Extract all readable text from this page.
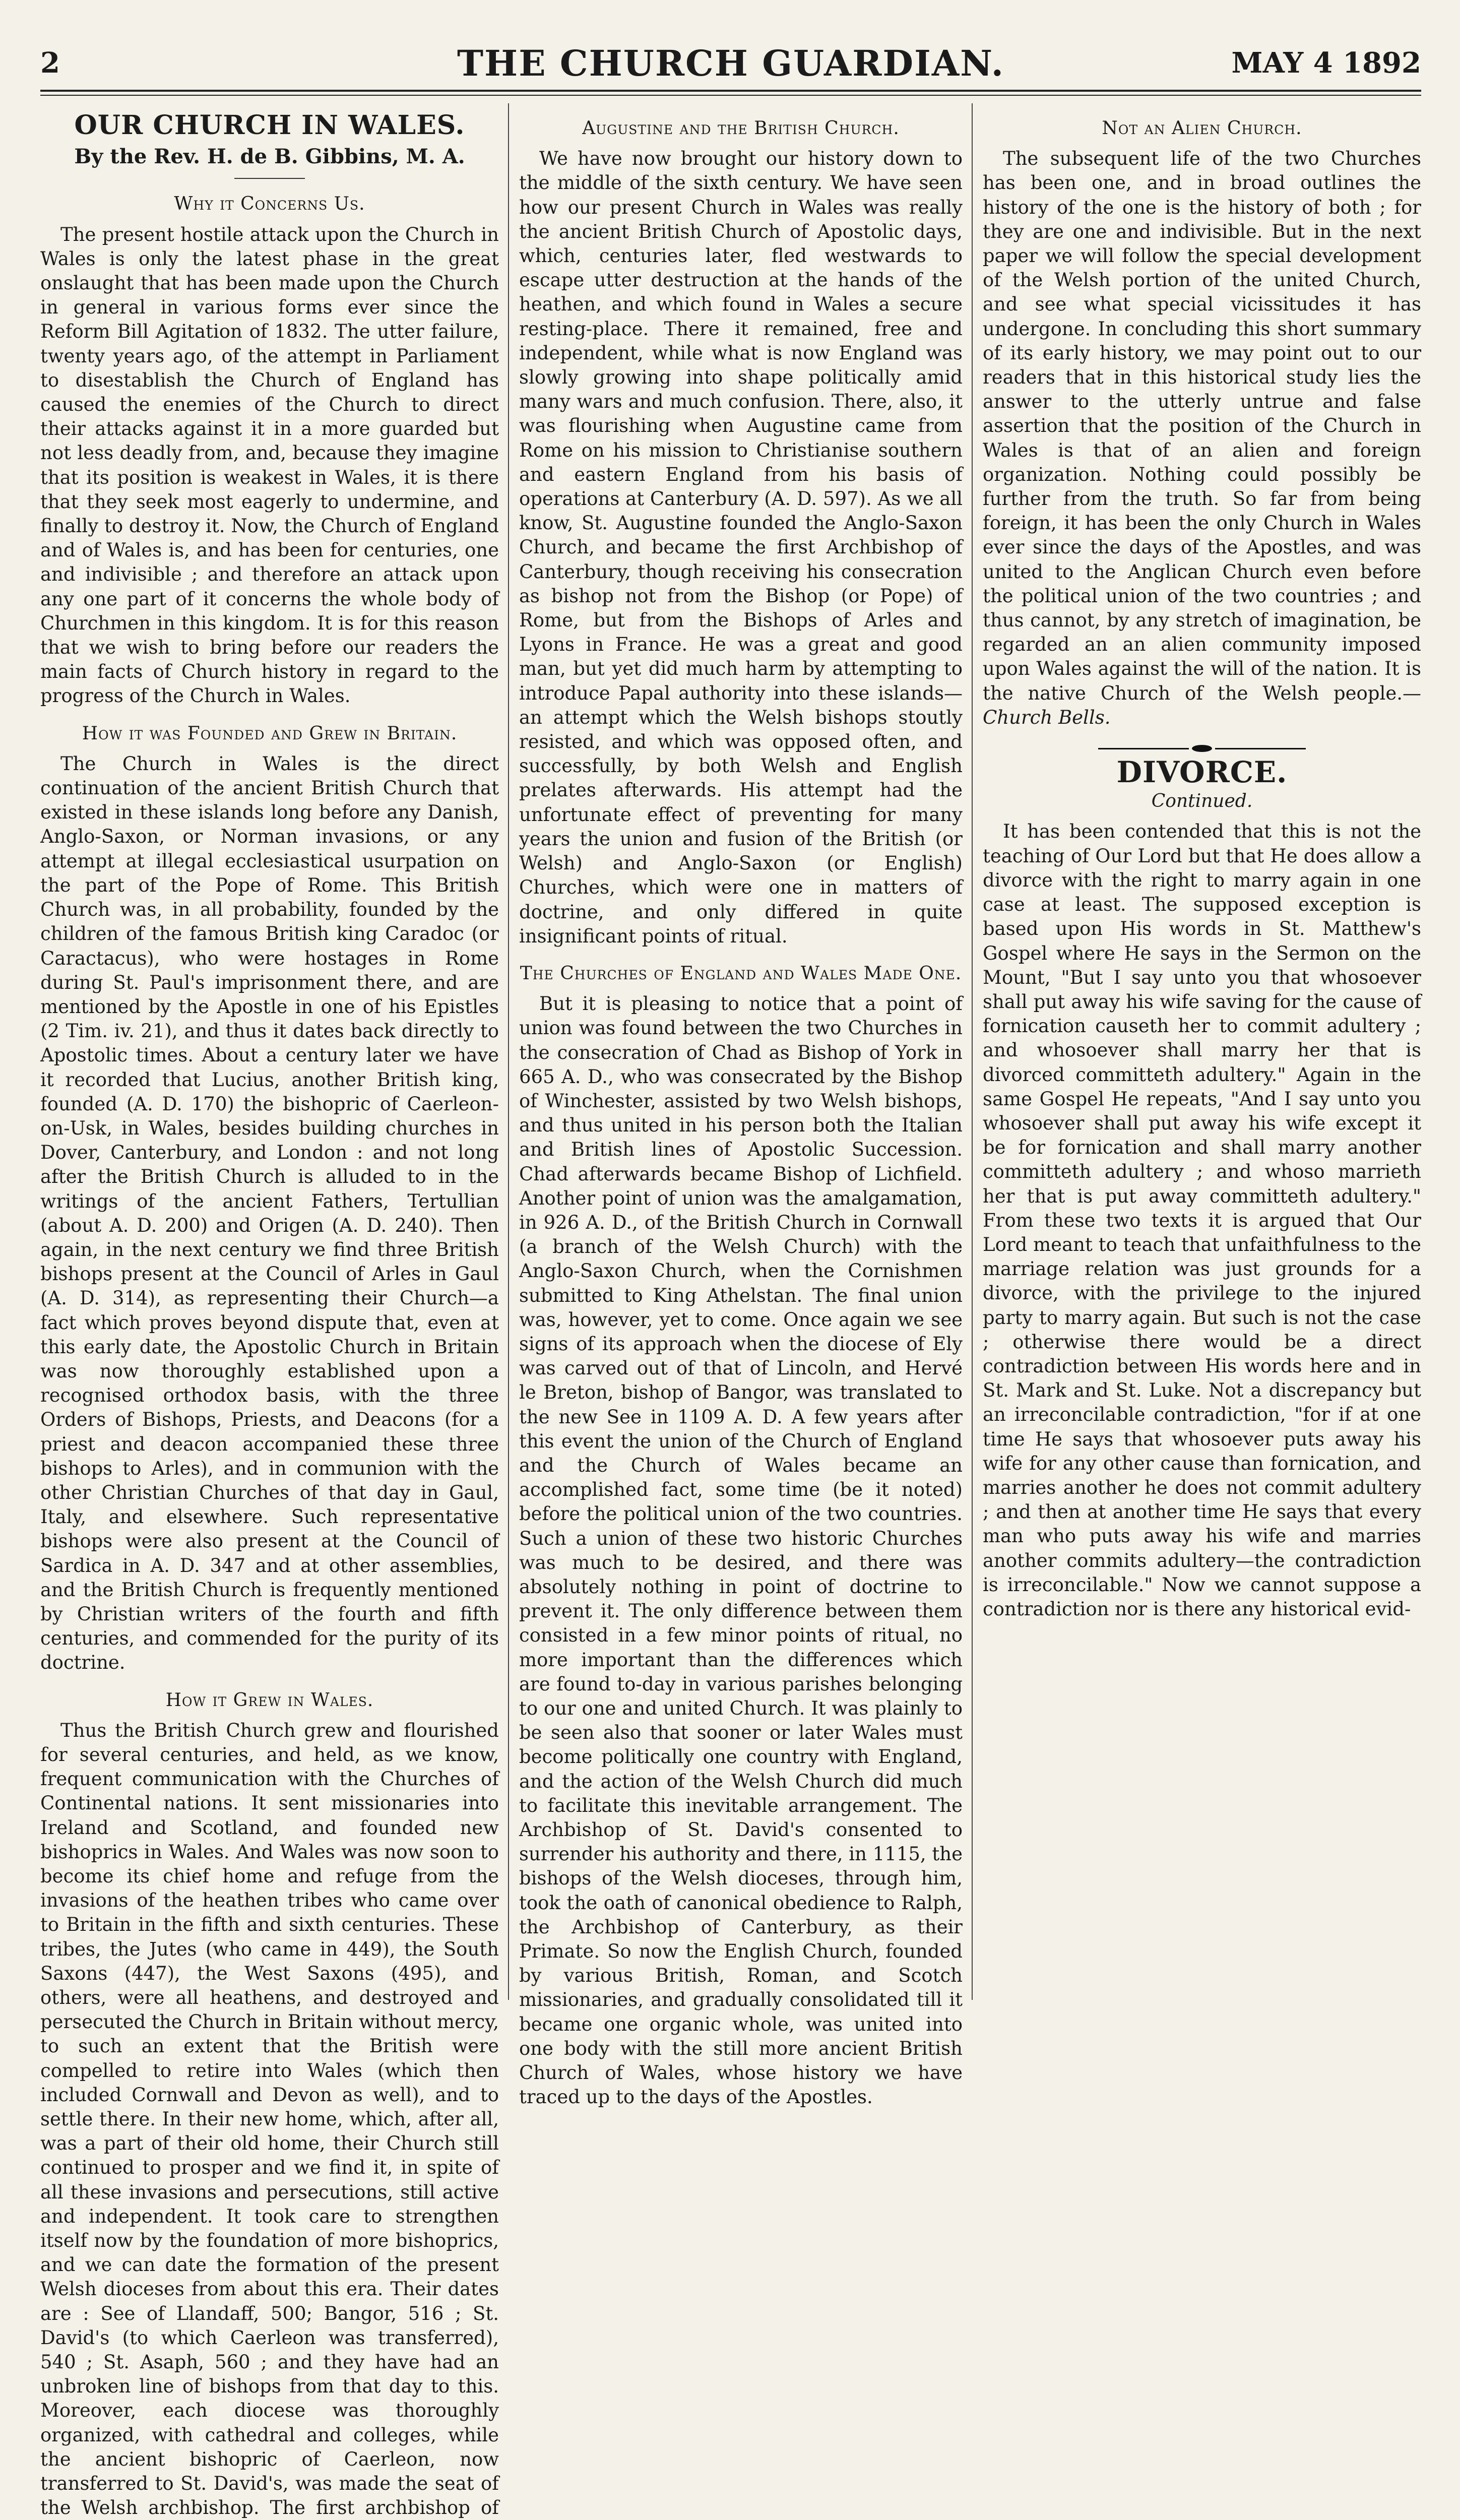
2	THE CHURCH GUARDIAN.	MAY 4 1892
OUR CHURCH IN WALES.
By the Rev. H. de B. Gibbins, M. A.
Why it Concerns Us.

The present hostile attack upon the Church in Wales is only the latest phase in the great onslaught that has been made upon the Church in general in various forms ever since the Reform Bill Agitation of 1832. The utter failure, twenty years ago, of the attempt in Parliament to disestablish the Church of England has caused the enemies of the Church to direct their attacks against it in a more guarded but not less deadly from, and, because they imagine that its position is weakest in Wales, it is there that they seek most eagerly to undermine, and finally to destroy it. Now, the Church of England and of Wales is, and has been for centuries, one and indivisible ; and therefore an attack upon any one part of it concerns the whole body of Churchmen in this kingdom. It is for this reason that we wish to bring before our readers the main facts of Church history in regard to the progress of the Church in Wales.

How it was Founded and Grew in Britain.

The Church in Wales is the direct continuation of the ancient British Church that existed in these islands long before any Danish, Anglo-Saxon, or Norman invasions, or any attempt at illegal ecclesiastical usurpation on the part of the Pope of Rome. This British Church was, in all probability, founded by the children of the famous British king Caradoc (or Caractacus), who were hostages in Rome during St. Paul's imprisonment there, and are mentioned by the Apostle in one of his Epistles (2 Tim. iv. 21), and thus it dates back directly to Apostolic times. About a century later we have it recorded that Lucius, another British king, founded (A. D. 170) the bishopric of Caerleon-on-Usk, in Wales, besides building churches in Dover, Canterbury, and London : and not long after the British Church is alluded to in the writings of the ancient Fathers, Tertullian (about A. D. 200) and Origen (A. D. 240). Then again, in the next century we find three British bishops present at the Council of Arles in Gaul (A. D. 314), as representing their Church—a fact which proves beyond dispute that, even at this early date, the Apostolic Church in Britain was now thoroughly established upon a recognised orthodox basis, with the three Orders of Bishops, Priests, and Deacons (for a priest and deacon accompanied these three bishops to Arles), and in communion with the other Christian Churches of that day in Gaul, Italy, and elsewhere. Such representative bishops were also present at the Council of Sardica in A. D. 347 and at other assemblies, and the British Church is frequently mentioned by Christian writers of the fourth and fifth centuries, and commended for the purity of its doctrine.

How it Grew in Wales.

Thus the British Church grew and flourished for several centuries, and held, as we know, frequent communication with the Churches of Continental nations. It sent missionaries into Ireland and Scotland, and founded new bishoprics in Wales. And Wales was now soon to become its chief home and refuge from the invasions of the heathen tribes who came over to Britain in the fifth and sixth centuries. These tribes, the Jutes (who came in 449), the South Saxons (447), the West Saxons (495), and others, were all heathens, and destroyed and persecuted the Church in Britain without mercy, to such an extent that the British were compelled to retire into Wales (which then included Cornwall and Devon as well), and to settle there. In their new home, which, after all, was a part of their old home, their Church still continued to prosper and we find it, in spite of all these invasions and persecutions, still active and independent. It took care to strengthen itself now by the foundation of more bishoprics, and we can date the formation of the present Welsh dioceses from about this era. Their dates are : See of Llandaff, 500; Bangor, 516 ; St. David's (to which Caerleon was transferred), 540 ; St. Asaph, 560 ; and they have had an unbroken line of bishops from that day to this. Moreover, each diocese was thoroughly organized, with cathedral and colleges, while the ancient bishopric of Caerleon, now transferred to St. David's, was made the seat of the Welsh archbishop. The first archbishop of

Augustine and the British Church.

We have now brought our history down to the middle of the sixth century. We have seen how our present Church in Wales was really the ancient British Church of Apostolic days, which, centuries later, fled westwards to escape utter destruction at the hands of the heathen, and which found in Wales a secure resting-place. There it remained, free and independent, while what is now England was slowly growing into shape politically amid many wars and much confusion. There, also, it was flourishing when Augustine came from Rome on his mission to Christianise southern and eastern England from his basis of operations at Canterbury (A. D. 597). As we all know, St. Augustine founded the Anglo-Saxon Church, and became the first Archbishop of Canterbury, though receiving his consecration as bishop not from the Bishop (or Pope) of Rome, but from the Bishops of Arles and Lyons in France. He was a great and good man, but yet did much harm by attempting to introduce Papal authority into these islands—an attempt which the Welsh bishops stoutly resisted, and which was opposed often, and successfully, by both Welsh and English prelates afterwards. His attempt had the unfortunate effect of preventing for many years the union and fusion of the British (or Welsh) and Anglo-Saxon (or English) Churches, which were one in matters of doctrine, and only differed in quite insignificant points of ritual.

The Churches of England and Wales Made One.

But it is pleasing to notice that a point of union was found between the two Churches in the consecration of Chad as Bishop of York in 665 A. D., who was consecrated by the Bishop of Winchester, assisted by two Welsh bishops, and thus united in his person both the Italian and British lines of Apostolic Succession. Chad afterwards became Bishop of Lichfield. Another point of union was the amalgamation, in 926 A. D., of the British Church in Cornwall (a branch of the Welsh Church) with the Anglo-Saxon Church, when the Cornishmen submitted to King Athelstan. The final union was, however, yet to come. Once again we see signs of its approach when the diocese of Ely was carved out of that of Lincoln, and Hervé le Breton, bishop of Bangor, was translated to the new See in 1109 A. D. A few years after this event the union of the Church of England and the Church of Wales became an accomplished fact, some time (be it noted) before the political union of the two countries. Such a union of these two historic Churches was much to be desired, and there was absolutely nothing in point of doctrine to prevent it. The only difference between them consisted in a few minor points of ritual, no more important than the differences which are found to-day in various parishes belonging to our one and united Church. It was plainly to be seen also that sooner or later Wales must become politically one country with England, and the action of the Welsh Church did much to facilitate this inevitable arrangement. The Archbishop of St. David's consented to surrender his authority and there, in 1115, the bishops of the Welsh dioceses, through him, took the oath of canonical obedience to Ralph, the Archbishop of Canterbury, as their Primate. So now the English Church, founded by various British, Roman, and Scotch missionaries, and gradually consolidated till it became one organic whole, was united into one body with the still more ancient British Church of Wales, whose history we have traced up to the days of the Apostles.

Not an Alien Church.

The subsequent life of the two Churches has been one, and in broad outlines the history of the one is the history of both ; for they are one and indivisible. But in the next paper we will follow the special development of the Welsh portion of the united Church, and see what special vicissitudes it has undergone. In concluding this short summary of its early history, we may point out to our readers that in this historical study lies the answer to the utterly untrue and false assertion that the position of the Church in Wales is that of an alien and foreign organization. Nothing could possibly be further from the truth. So far from being foreign, it has been the only Church in Wales ever since the days of the Apostles, and was united to the Anglican Church even before the political union of the two countries ; and thus cannot, by any stretch of imagination, be regarded an an alien community imposed upon Wales against the will of the nation. It is the native Church of the Welsh people.—Church Bells.

DIVORCE.
Continued.

It has been contended that this is not the teaching of Our Lord but that He does allow a divorce with the right to marry again in one case at least. The supposed exception is based upon His words in St. Matthew's Gospel where He says in the Sermon on the Mount, "But I say unto you that whosoever shall put away his wife saving for the cause of fornication causeth her to commit adultery ; and whosoever shall marry her that is divorced committeth adultery." Again in the same Gospel He repeats, "And I say unto you whosoever shall put away his wife except it be for fornication and shall marry another committeth adultery ; and whoso marrieth her that is put away committeth adultery." From these two texts it is argued that Our Lord meant to teach that unfaithfulness to the marriage relation was just grounds for a divorce, with the privilege to the injured party to marry again. But such is not the case ; otherwise there would be a direct contradiction between His words here and in St. Mark and St. Luke. Not a discrepancy but an irreconcilable contradiction, "for if at one time He says that whosoever puts away his wife for any other cause than fornication, and marries another he does not commit adultery ; and then at another time He says that every man who puts away his wife and marries another commits adultery—the contradiction is irreconcilable." Now we cannot suppose a contradiction nor is there any historical evid-
